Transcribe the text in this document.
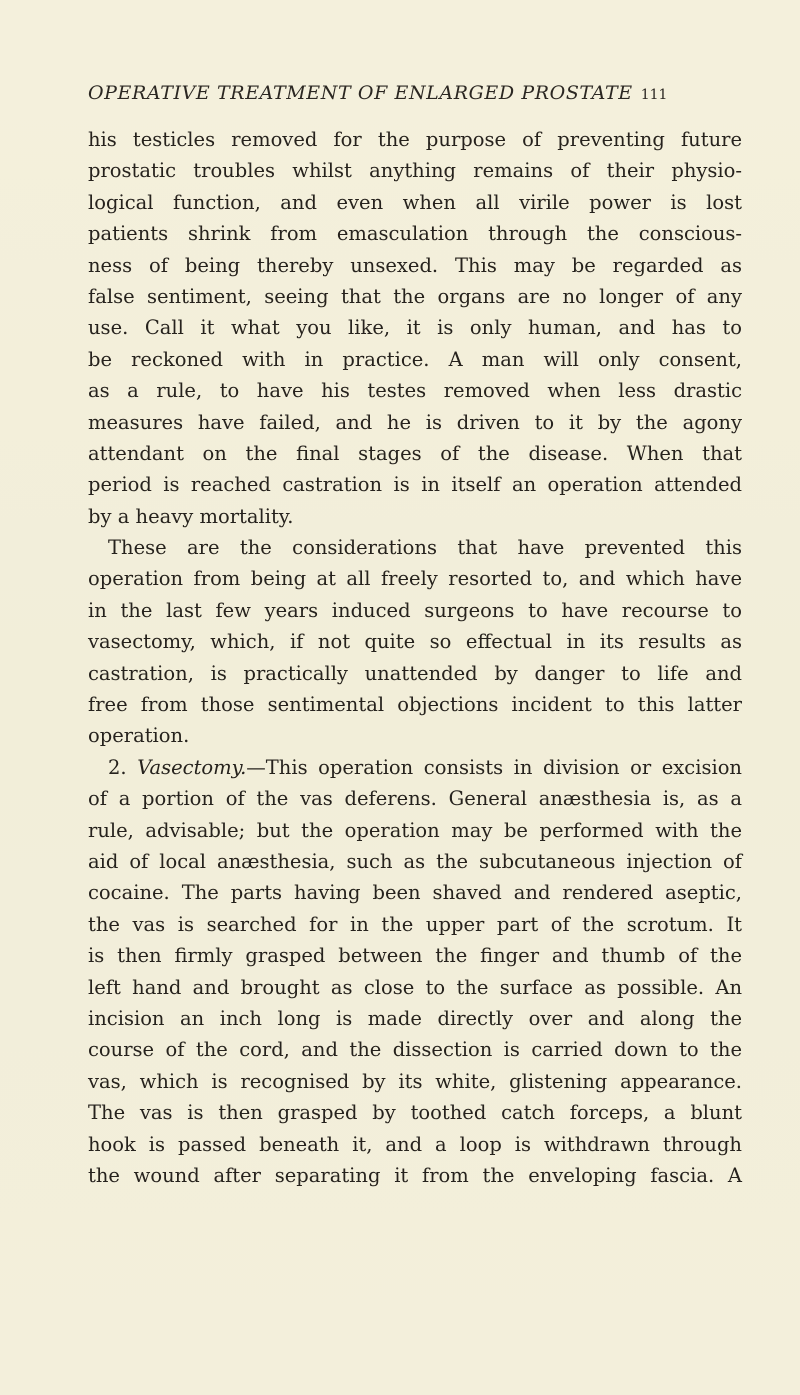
OPERATIVE TREATMENT OF ENLARGED PROSTATE 111
his testicles removed for the purpose of preventing future
prostatic troubles whilst anything remains of their physio-
logical function, and even when all virile power is lost
patients shrink from emasculation through the conscious-
ness of being thereby unsexed. This may be regarded as
false sentiment, seeing that the organs are no longer of any
use. Call it what you like, it is only human, and has to
be reckoned with in practice. A man will only consent,
as a rule, to have his testes removed when less drastic
measures have failed, and he is driven to it by the agony
attendant on the final stages of the disease. When that
period is reached castration is in itself an operation attended
by a heavy mortality.
These are the considerations that have prevented this
operation from being at all freely resorted to, and which have
in the last few years induced surgeons to have recourse to
vasectomy, which, if not quite so effectual in its results as
castration, is practically unattended by danger to life and
free from those sentimental objections incident to this latter
operation.
2. Vasectomy.—This operation consists in division or excision
of a portion of the vas deferens. General anæsthesia is, as a
rule, advisable; but the operation may be performed with the
aid of local anæsthesia, such as the subcutaneous injection of
cocaine. The parts having been shaved and rendered aseptic,
the vas is searched for in the upper part of the scrotum. It
is then firmly grasped between the finger and thumb of the
left hand and brought as close to the surface as possible. An
incision an inch long is made directly over and along the
course of the cord, and the dissection is carried down to the
vas, which is recognised by its white, glistening appearance.
The vas is then grasped by toothed catch forceps, a blunt
hook is passed beneath it, and a loop is withdrawn through
the wound after separating it from the enveloping fascia. A
